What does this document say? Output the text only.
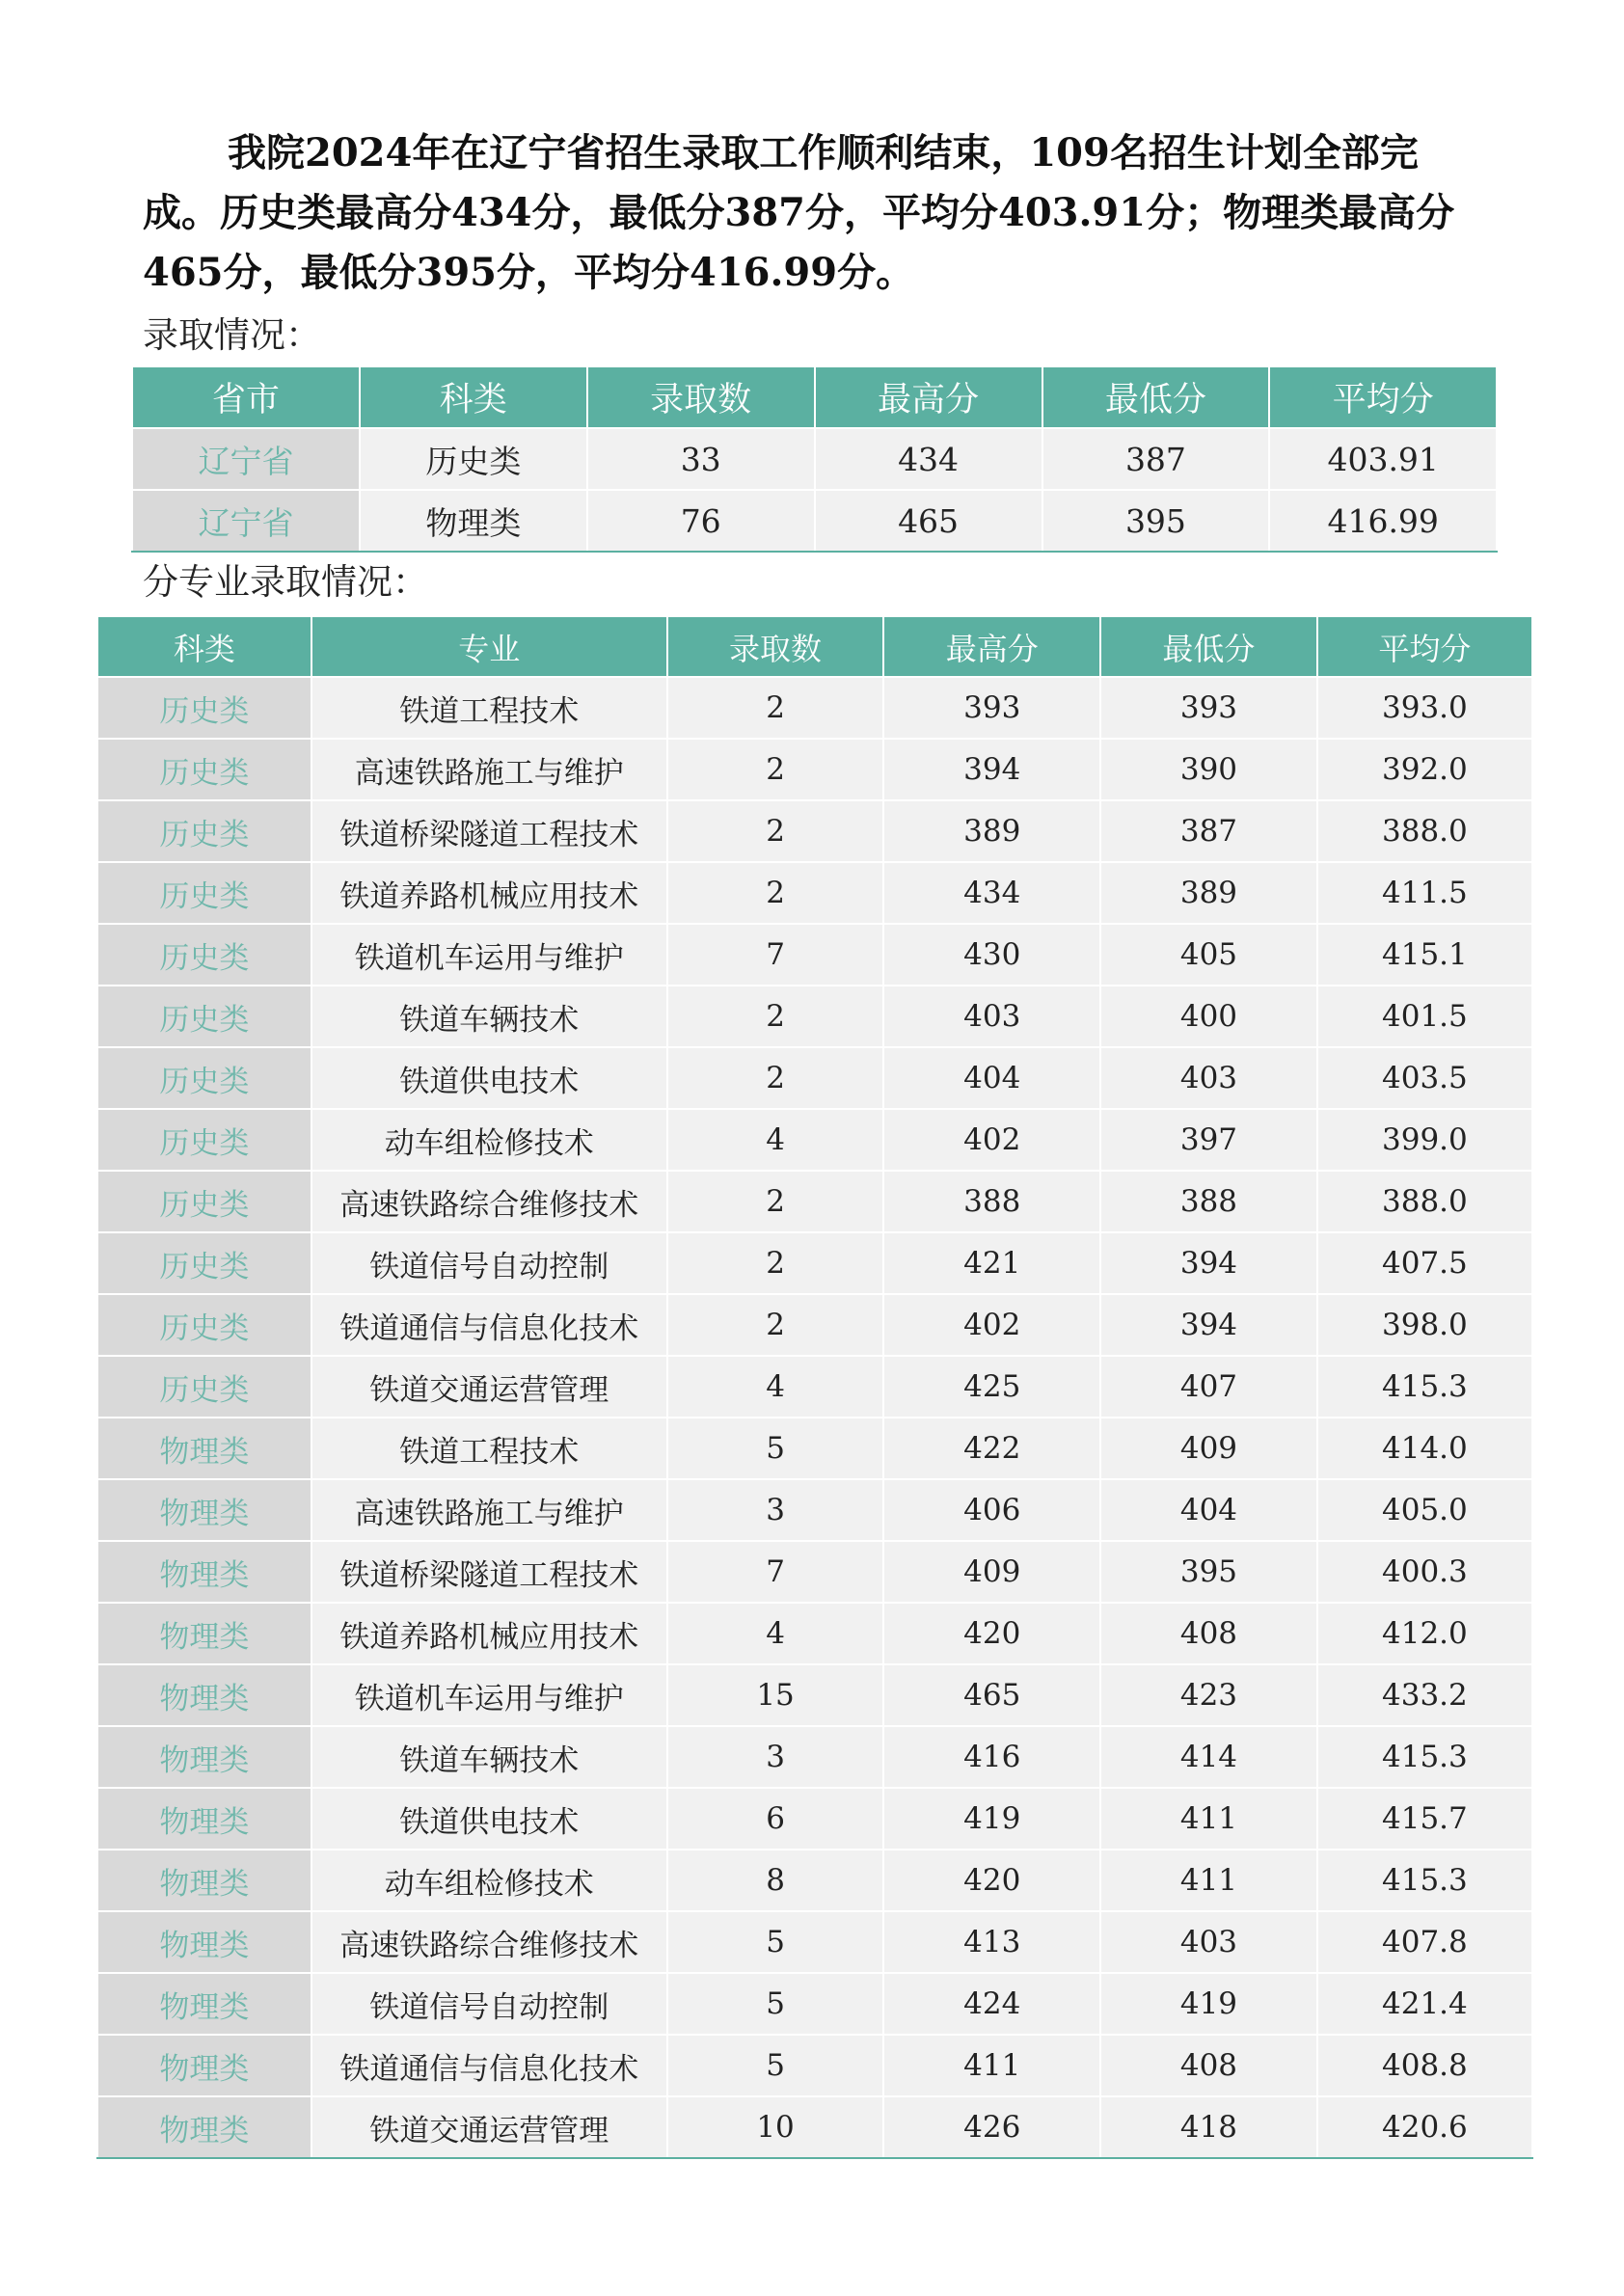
我院2024年在辽宁省招生录取工作顺利结束，109名招生计划全部完成。历史类最高分434分，最低分387分，平均分403.91分；物理类最高分465分，最低分395分，平均分416.99分。

录取情况：
省市	科类	录取数	最高分	最低分	平均分
辽宁省	历史类	33	434	387	403.91
辽宁省	物理类	76	465	395	416.99
分专业录取情况：
科类	专业	录取数	最高分	最低分	平均分
历史类	铁道工程技术	2	393	393	393.0
历史类	高速铁路施工与维护	2	394	390	392.0
历史类	铁道桥梁隧道工程技术	2	389	387	388.0
历史类	铁道养路机械应用技术	2	434	389	411.5
历史类	铁道机车运用与维护	7	430	405	415.1
历史类	铁道车辆技术	2	403	400	401.5
历史类	铁道供电技术	2	404	403	403.5
历史类	动车组检修技术	4	402	397	399.0
历史类	高速铁路综合维修技术	2	388	388	388.0
历史类	铁道信号自动控制	2	421	394	407.5
历史类	铁道通信与信息化技术	2	402	394	398.0
历史类	铁道交通运营管理	4	425	407	415.3
物理类	铁道工程技术	5	422	409	414.0
物理类	高速铁路施工与维护	3	406	404	405.0
物理类	铁道桥梁隧道工程技术	7	409	395	400.3
物理类	铁道养路机械应用技术	4	420	408	412.0
物理类	铁道机车运用与维护	15	465	423	433.2
物理类	铁道车辆技术	3	416	414	415.3
物理类	铁道供电技术	6	419	411	415.7
物理类	动车组检修技术	8	420	411	415.3
物理类	高速铁路综合维修技术	5	413	403	407.8
物理类	铁道信号自动控制	5	424	419	421.4
物理类	铁道通信与信息化技术	5	411	408	408.8
物理类	铁道交通运营管理	10	426	418	420.6
